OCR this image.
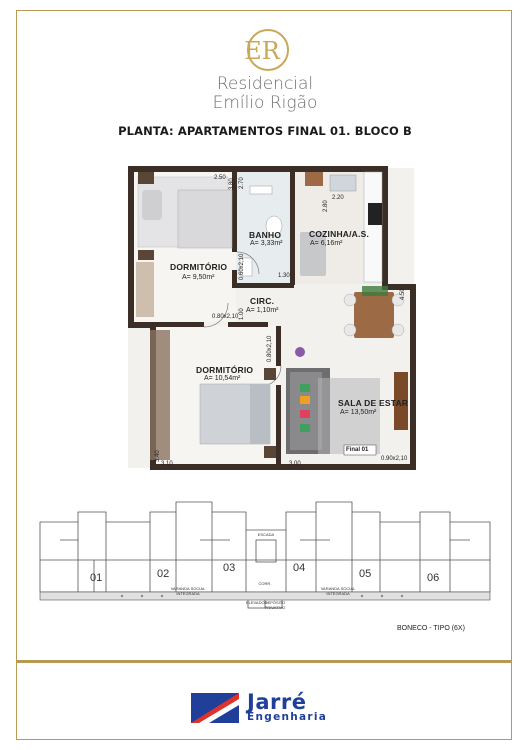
ER
Residencial
Emílio Rigão
PLANTA: APARTAMENTOS FINAL 01. BLOCO B
DORMITÓRIO
A= 9,50m²
BANHO
A= 3,33m²
COZINHA/A.S.
A= 6,16m²
CIRC.
A= 1,10m²
DORMITÓRIO
A= 10,54m²
SALA DE ESTAR
A= 13,50m²
2.50
3.80 2.70
2.80
2.20
1.30
4.50
0.60x2,10
0.80x2,10 1.00
0.80x2,10
3.40
3.10	3.00
0.90x2,10
Final 01
01	02	03	04	05	06
ESCADA
CORR.
VARANDA SOCIAL INTEGRADA
VARANDA SOCIAL INTEGRADA
ELEVADOR
DEPÓSITO PRIVATIVO
BONECO - TIPO (6X)
Jarré
Engenharia
